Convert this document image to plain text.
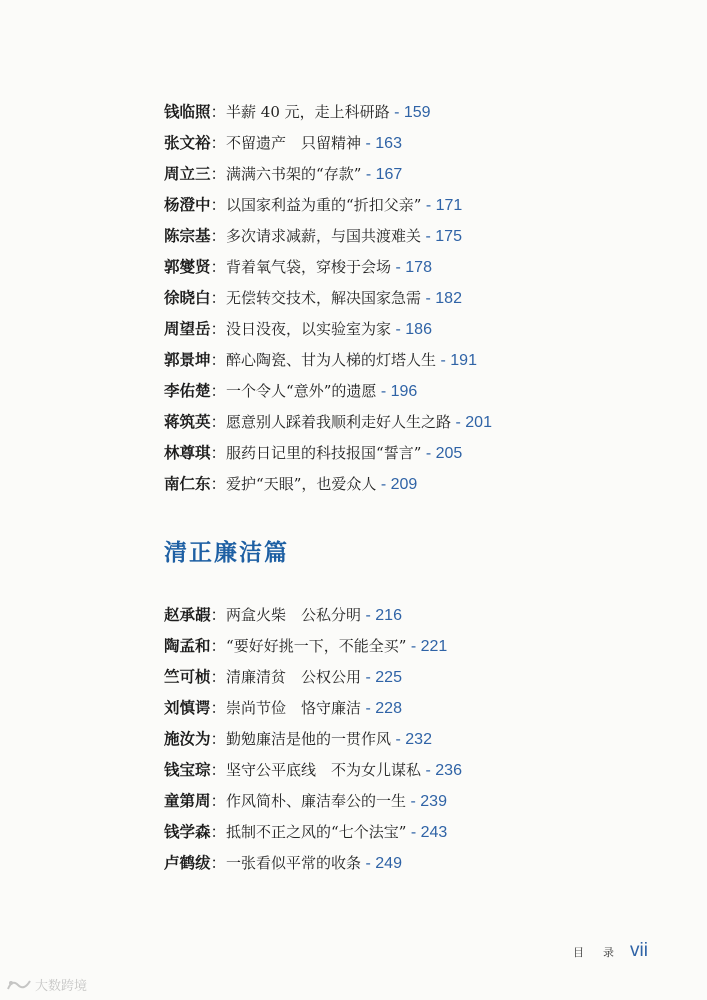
钱临照：半薪 40 元，走上科研路 - 159
张文裕：不留遗产　只留精神 - 163
周立三：满满六书架的“存款” - 167
杨澄中：以国家利益为重的“折扣父亲” - 171
陈宗基：多次请求减薪，与国共渡难关 - 175
郭燮贤：背着氧气袋，穿梭于会场 - 178
徐晓白：无偿转交技术，解决国家急需 - 182
周望岳：没日没夜，以实验室为家 - 186
郭景坤：醉心陶瓷、甘为人梯的灯塔人生 - 191
李佑楚：一个令人“意外”的遗愿 - 196
蒋筑英：愿意别人踩着我顺利走好人生之路 - 201
林尊琪：服药日记里的科技报国“誓言” - 205
南仁东：爱护“天眼”，也爱众人 - 209
清正廉洁篇
赵承嘏：两盒火柴　公私分明 - 216
陶孟和：“要好好挑一下，不能全买” - 221
竺可桢：清廉清贫　公权公用 - 225
刘慎谔：崇尚节俭　恪守廉洁 - 228
施汝为：勤勉廉洁是他的一贯作风 - 232
钱宝琮：坚守公平底线　不为女儿谋私 - 236
童第周：作风简朴、廉洁奉公的一生 - 239
钱学森：抵制不正之风的“七个法宝” - 243
卢鹤绂：一张看似平常的收条 - 249
目　录 vii
大数跨境
